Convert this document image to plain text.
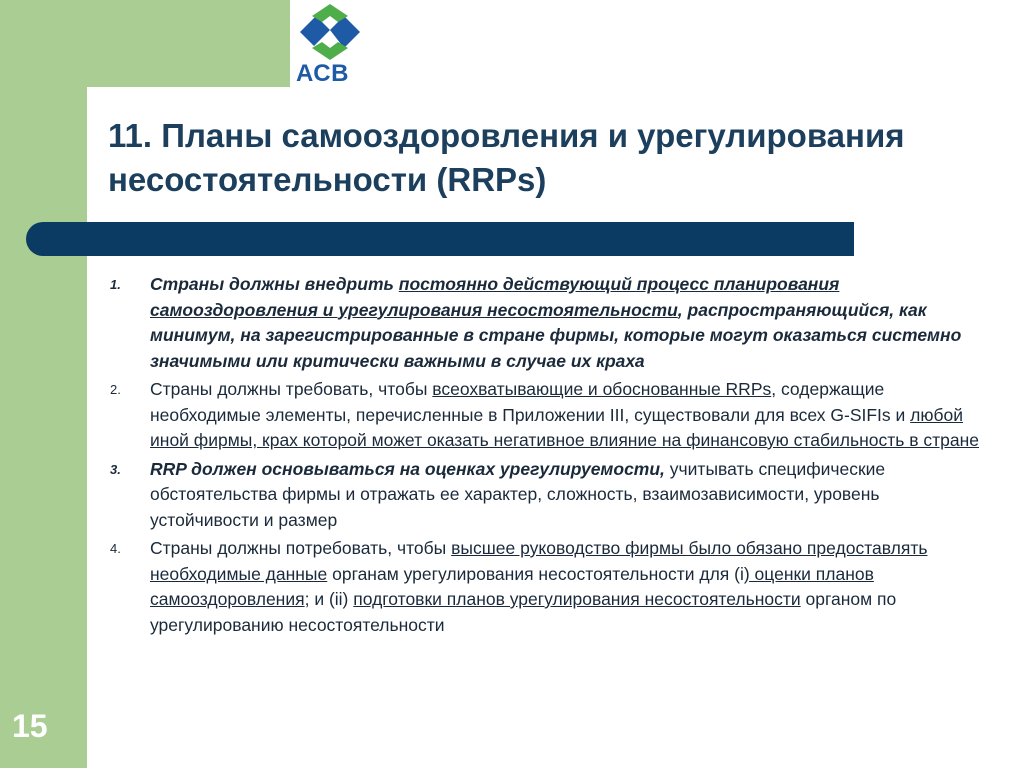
АСВ
11. Планы самооздоровления и урегулирования несостоятельности (RRPs)
1. Страны должны внедрить постоянно действующий процесс планирования самооздоровления и урегулирования несостоятельности, распространяющийся, как минимум, на зарегистрированные в стране фирмы, которые могут оказаться системно значимыми или критически важными в случае их краха
2. Страны должны требовать, чтобы всеохватывающие и обоснованные RRPs, содержащие необходимые элементы, перечисленные в Приложении III, существовали для всех G-SIFIs и любой иной фирмы, крах которой может оказать негативное влияние на финансовую стабильность в стране
3. RRP должен основываться на оценках урегулируемости, учитывать специфические обстоятельства фирмы и отражать ее характер, сложность, взаимозависимости, уровень устойчивости и размер
4. Страны должны потребовать, чтобы высшее руководство фирмы было обязано предоставлять необходимые данные органам урегулирования несостоятельности для (i) оценки планов самооздоровления; и (ii) подготовки планов урегулирования несостоятельности органом по урегулированию несостоятельности
15
